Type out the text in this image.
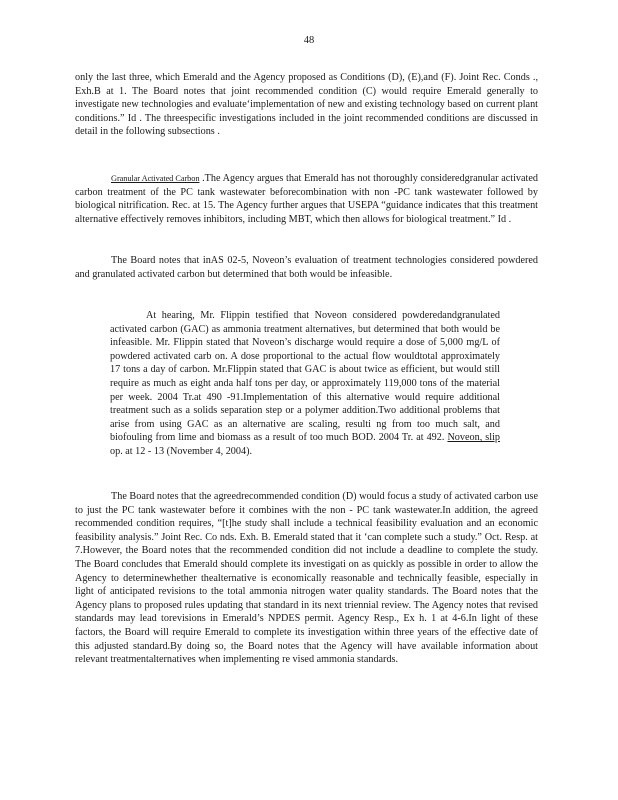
48

only the last three, which Emerald and the Agency proposed as Conditions (D), (E),and (F). Joint Rec. Conds ., Exh.B at 1. The Board notes that joint recommended condition (C) would require Emerald generally to investigate new technologies and evaluate‘implementation of new and existing technology based on current plant conditions.” Id . The threespecific investigations included in the joint recommended conditions are discussed in detail in the following subsections .

Granular Activated Carbon .The Agency argues that Emerald has not thoroughly consideredgranular activated carbon treatment of the PC tank wastewater beforecombination with non -PC tank wastewater followed by biological nitrification. Rec. at 15. The Agency further argues that USEPA “guidance indicates that this treatment alternative effectively removes inhibitors, including MBT, which then allows for biological treatment.” Id .

The Board notes that inAS 02-5, Noveon’s evaluation of treatment technologies considered powdered and granulated activated carbon but determined that both would be infeasible.

At hearing, Mr. Flippin testified that Noveon considered powderedandgranulated activated carbon (GAC) as ammonia treatment alternatives, but determined that both would be infeasible. Mr. Flippin stated that Noveon’s discharge would require a dose of 5,000 mg/L of powdered activated carb on. A dose proportional to the actual flow wouldtotal approximately 17 tons a day of carbon. Mr.Flippin stated that GAC is about twice as efficient, but would still require as much as eight anda half tons per day, or approximately 119,000 tons of the material per week. 2004 Tr.at 490 -91.Implementation of this alternative would require additional treatment such as a solids separation step or a polymer addition.Two additional problems that arise from using GAC as an alternative are scaling, resulti ng from too much salt, and biofouling from lime and biomass as a result of too much BOD. 2004 Tr. at 492. Noveon, slip op. at 12 - 13 (November 4, 2004).

The Board notes that the agreedrecommended condition (D) would focus a study of activated carbon use to just the PC tank wastewater before it combines with the non - PC tank wastewater.In addition, the agreed recommended condition requires, “[t]he study shall include a technical feasibility evaluation and an economic feasibility analysis.” Joint Rec. Co nds. Exh. B. Emerald stated that it ‘can complete such a study.” Oct. Resp. at 7.However, the Board notes that the recommended condition did not include a deadline to complete the study. The Board concludes that Emerald should complete its investigati on as quickly as possible in order to allow the Agency to determinewhether thealternative is economically reasonable and technically feasible, especially in light of anticipated revisions to the total ammonia nitrogen water quality standards. The Board notes that the Agency plans to proposed rules updating that standard in its next triennial review. The Agency notes that revised standards may lead torevisions in Emerald’s NPDES permit. Agency Resp., Ex h. 1 at 4-6.In light of these factors, the Board will require Emerald to complete its investigation within three years of the effective date of this adjusted standard.By doing so, the Board notes that the Agency will have available information about relevant treatmentalternatives when implementing re vised ammonia standards.
